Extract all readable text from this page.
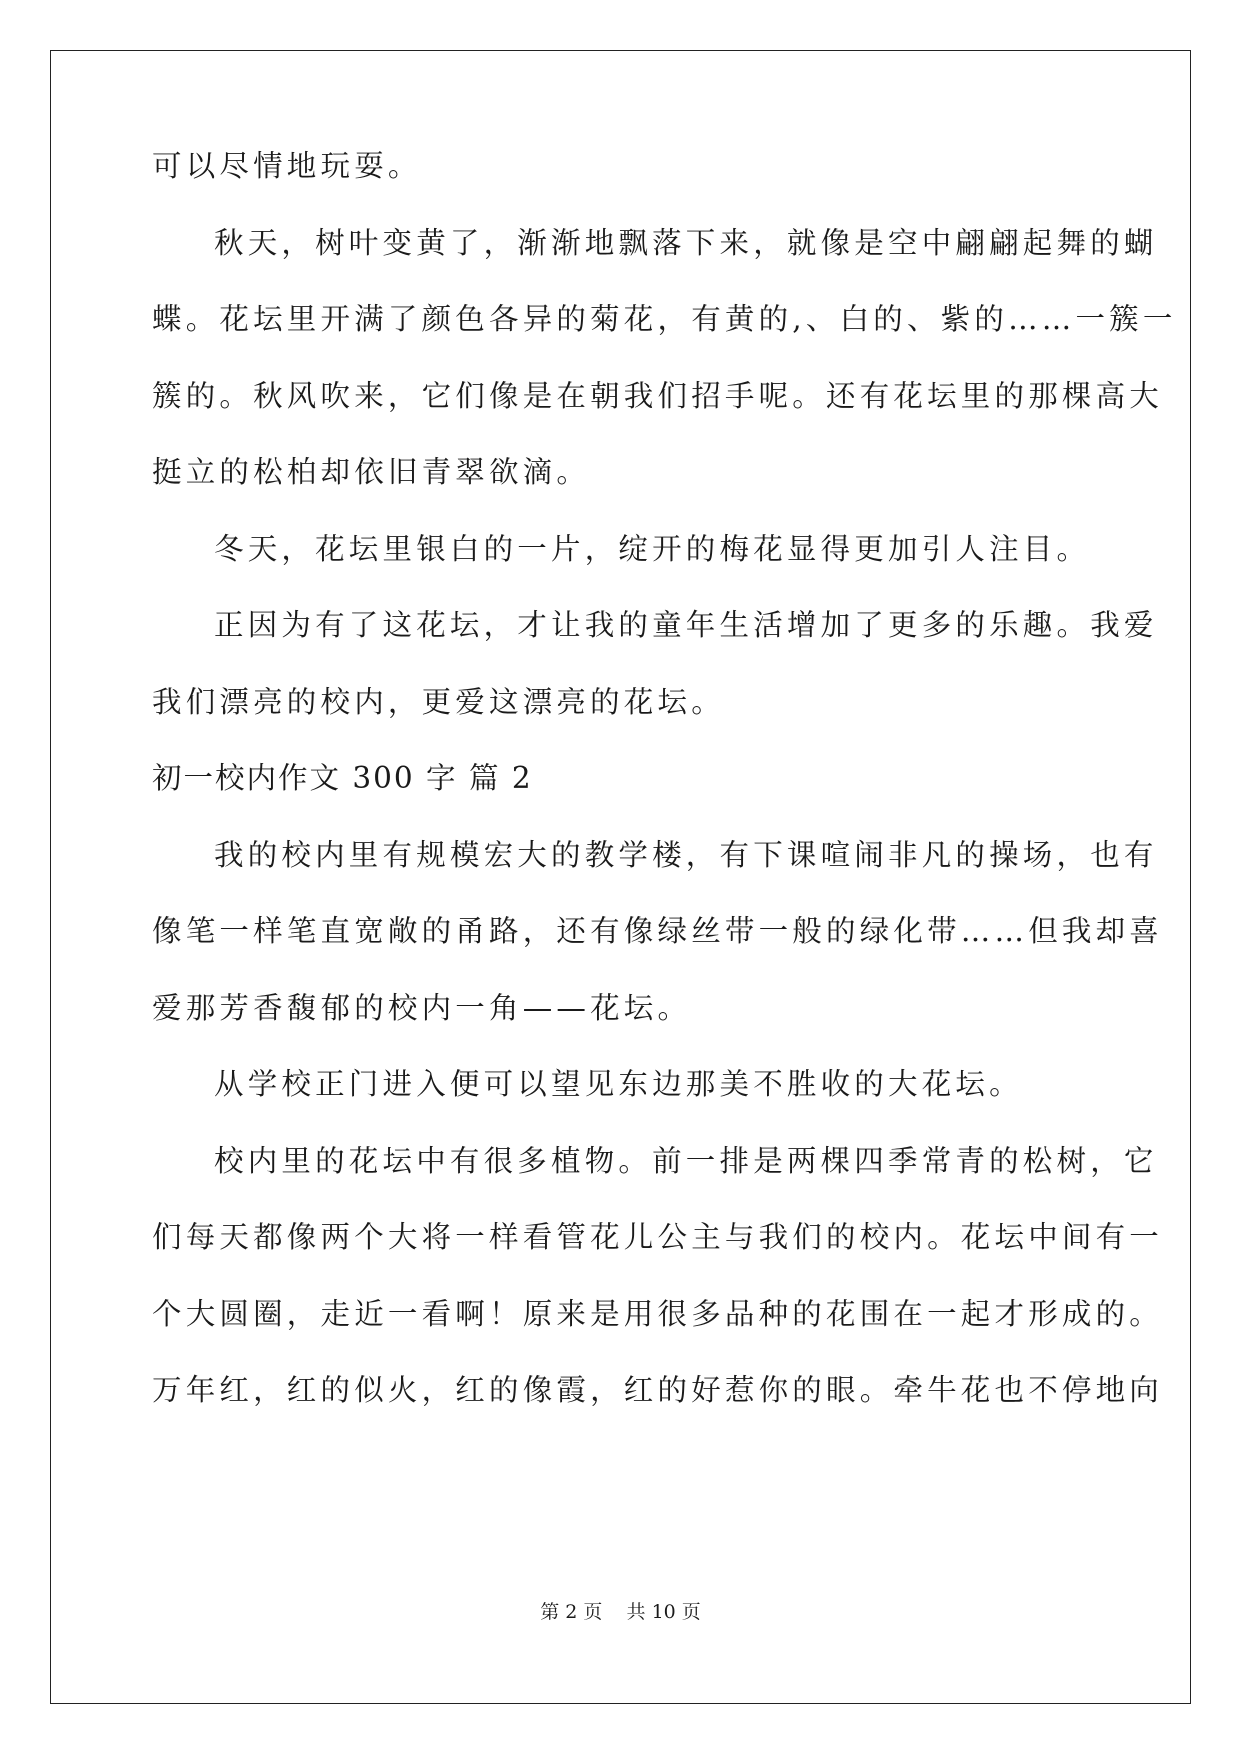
可以尽情地玩耍。
秋天，树叶变黄了，渐渐地飘落下来，就像是空中翩翩起舞的蝴
蝶。花坛里开满了颜色各异的菊花，有黄的,、白的、紫的……一簇一
簇的。秋风吹来，它们像是在朝我们招手呢。还有花坛里的那棵高大
挺立的松柏却依旧青翠欲滴。
冬天，花坛里银白的一片，绽开的梅花显得更加引人注目。
正因为有了这花坛，才让我的童年生活增加了更多的乐趣。我爱
我们漂亮的校内，更爱这漂亮的花坛。
初一校内作文 300 字 篇 2
我的校内里有规模宏大的教学楼，有下课喧闹非凡的操场，也有
像笔一样笔直宽敞的甬路，还有像绿丝带一般的绿化带……但我却喜
爱那芳香馥郁的校内一角——花坛。
从学校正门进入便可以望见东边那美不胜收的大花坛。
校内里的花坛中有很多植物。前一排是两棵四季常青的松树，它
们每天都像两个大将一样看管花儿公主与我们的校内。花坛中间有一
个大圆圈，走近一看啊！原来是用很多品种的花围在一起才形成的。
万年红，红的似火，红的像霞，红的好惹你的眼。牵牛花也不停地向
第 2 页    共 10 页
